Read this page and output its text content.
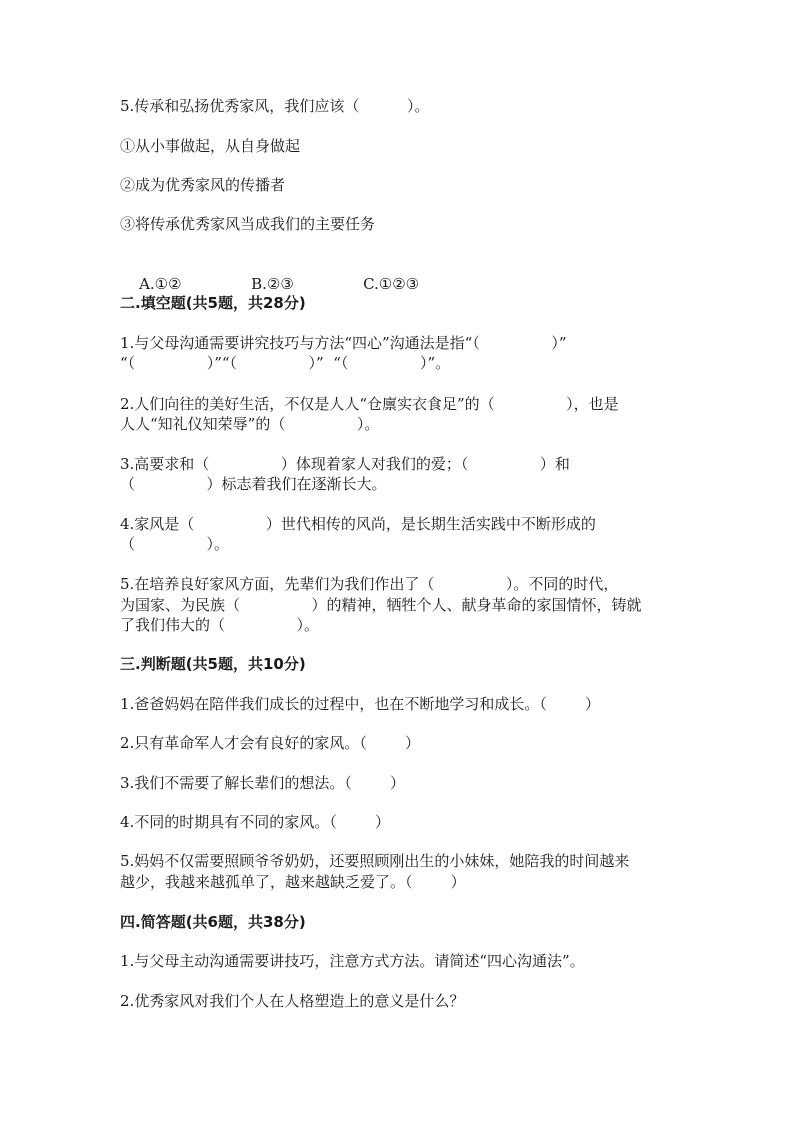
5.传承和弘扬优秀家风，我们应该（          ）。
①从小事做起，从自身做起
②成为优秀家风的传播者
③将传承优秀家风当成我们的主要任务

A.①②	B.②③	C.①②③

二.填空题(共5题，共28分)
1.与父母沟通需要讲究技巧与方法“四心”沟通法是指“（               ）”
“（               ）”“（               ）”  “（               ）”。
2.人们向往的美好生活，不仅是人人“仓廪实衣食足”的（               ），也是
人人“知礼仪知荣辱”的（               ）。
3.高要求和（               ）体现着家人对我们的爱；（               ）和
（               ）标志着我们在逐渐长大。
4.家风是（               ）世代相传的风尚，是长期生活实践中不断形成的
（               ）。
5.在培养良好家风方面，先辈们为我们作出了（               ）。不同的时代，
为国家、为民族（               ）的精神，牺牲个人、献身革命的家国情怀，铸就
了我们伟大的（               ）。
三.判断题(共5题，共10分)
1.爸爸妈妈在陪伴我们成长的过程中，也在不断地学习和成长。（        ）
2.只有革命军人才会有良好的家风。（        ）
3.我们不需要了解长辈们的想法。（        ）
4.不同的时期具有不同的家风。（        ）
5.妈妈不仅需要照顾爷爷奶奶，还要照顾刚出生的小妹妹，她陪我的时间越来
越少，我越来越孤单了，越来越缺乏爱了。（        ）
四.简答题(共6题，共38分)
1.与父母主动沟通需要讲技巧，注意方式方法。请简述“四心沟通法”。
2.优秀家风对我们个人在人格塑造上的意义是什么？
